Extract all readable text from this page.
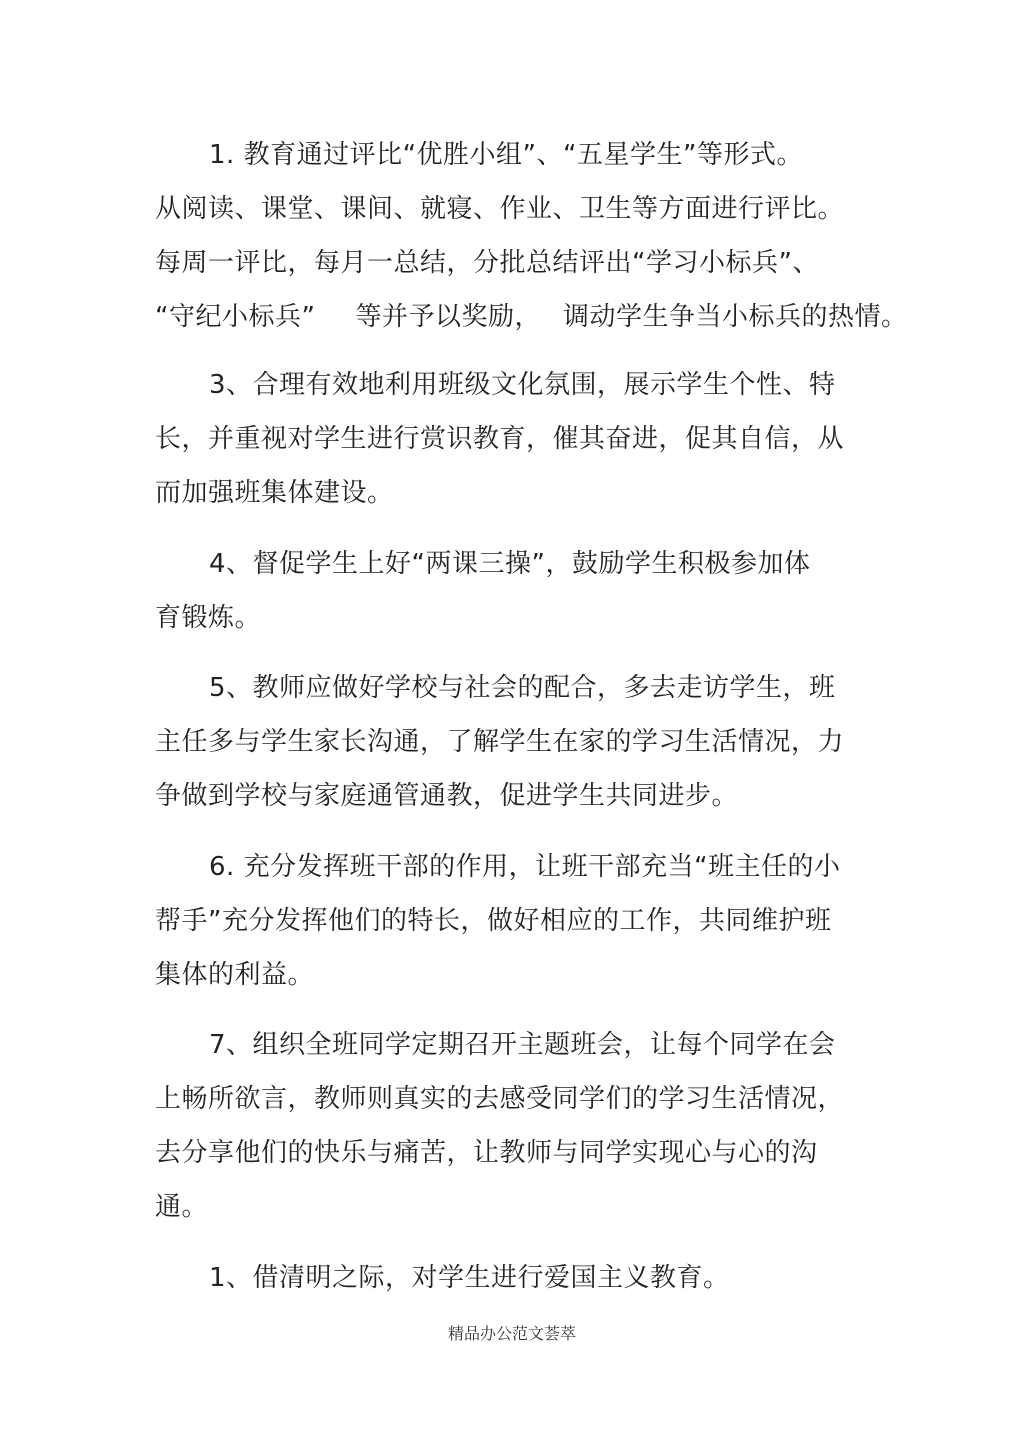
1. 教育通过评比“优胜小组”、“五星学生”等形式。
从阅读、课堂、课间、就寝、作业、卫生等方面进行评比。
每周一评比，每月一总结，分批总结评出“学习小标兵”、
“守纪小标兵” 等并予以奖励， 调动学生争当小标兵的热情。
3、合理有效地利用班级文化氛围，展示学生个性、特
长，并重视对学生进行赏识教育，催其奋进，促其自信，从
而加强班集体建设。
4、督促学生上好“两课三操”，鼓励学生积极参加体
育锻炼。
5、教师应做好学校与社会的配合，多去走访学生，班
主任多与学生家长沟通，了解学生在家的学习生活情况，力
争做到学校与家庭通管通教，促进学生共同进步。
6. 充分发挥班干部的作用，让班干部充当“班主任的小
帮手”充分发挥他们的特长，做好相应的工作，共同维护班
集体的利益。
7、组织全班同学定期召开主题班会，让每个同学在会
上畅所欲言，教师则真实的去感受同学们的学习生活情况，
去分享他们的快乐与痛苦，让教师与同学实现心与心的沟
通。
1、借清明之际，对学生进行爱国主义教育。
精品办公范文荟萃
